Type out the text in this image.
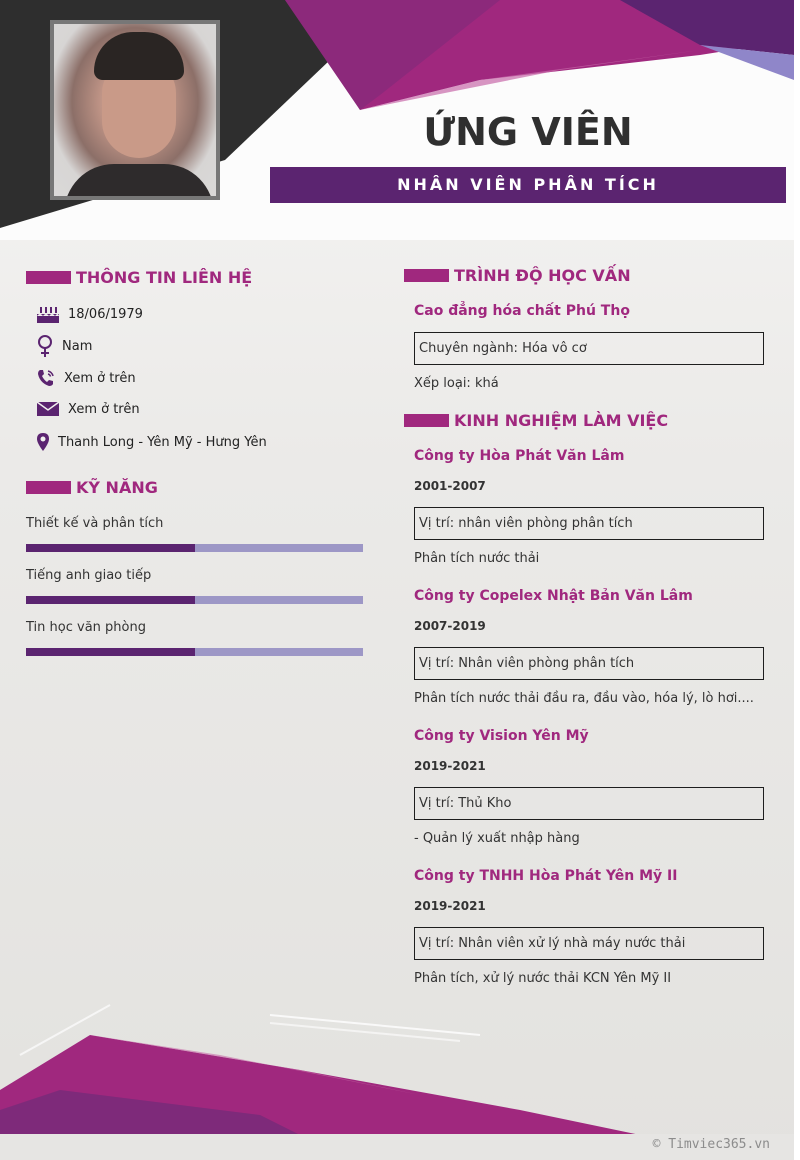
ỨNG VIÊN
NHÂN VIÊN PHÂN TÍCH
THÔNG TIN LIÊN HỆ
18/06/1979
Nam
Xem ở trên
Xem ở trên
Thanh Long - Yên Mỹ - Hưng Yên
KỸ NĂNG
Thiết kế và phân tích
Tiếng anh giao tiếp
Tin học văn phòng
TRÌNH ĐỘ HỌC VẤN
Cao đẳng hóa chất Phú Thọ
Chuyên ngành: Hóa vô cơ
Xếp loại: khá
KINH NGHIỆM LÀM VIỆC
Công ty Hòa Phát Văn Lâm
2001-2007
Vị trí: nhân viên phòng phân tích
Phân tích nước thải
Công ty Copelex Nhật Bản Văn Lâm
2007-2019
Vị trí: Nhân viên phòng phân tích
Phân tích nước thải đầu ra, đầu vào, hóa lý, lò hơi....
Công ty Vision Yên Mỹ
2019-2021
Vị trí: Thủ Kho
- Quản lý xuất nhập hàng
Công ty TNHH Hòa Phát Yên Mỹ II
2019-2021
Vị trí: Nhân viên xử lý nhà máy nước thải
Phân tích, xử lý nước thải KCN Yên Mỹ II
© Timviec365.vn
